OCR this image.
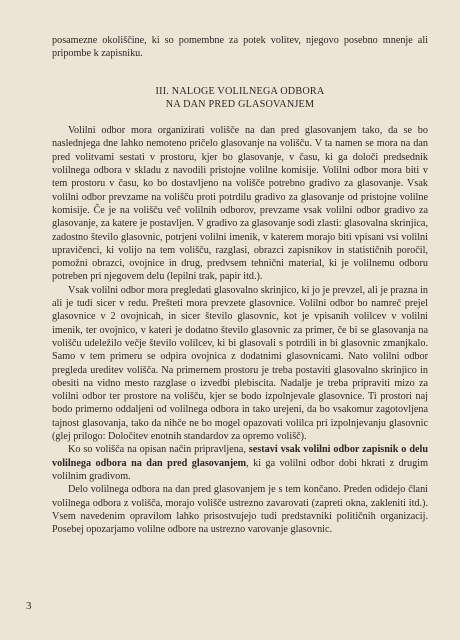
posamezne okoliščine, ki so pomembne za potek volitev, njegovo posebno mnenje ali pripombe k zapisniku.

III. NALOGE VOLILNEGA ODBORA
NA DAN PRED GLASOVANJEM

Volilni odbor mora organizirati volišče na dan pred glasovanjem tako, da se bo naslednjega dne lahko nemoteno pričelo glasovanje na volišču. V ta namen se mora na dan pred volitvami sestati v prostoru, kjer bo glasovanje, v času, ki ga določi predsednik volilnega odbora v skladu z navodili pristojne volilne komisije. Volilni odbor mora biti v tem prostoru v času, ko bo dostavljeno na volišče potrebno gradivo za glasovanje. Vsak volilni odbor prevzame na volišču proti potrdilu gradivo za glasovanje od pristojne volilne komisije. Če je na volišču več volilnih odborov, prevzame vsak volilni odbor gradivo za glasovanje, za katere je postavljen. V gradivo za glasovanje sodi zlasti: glasovalna skrinjica, zadostno število glasovnic, potrjeni volilni imenik, v katerem morajo biti vpisani vsi volilni upravičenci, ki volijo na tem volišču, razglasi, obrazci zapisnikov in statističnih poročil, pomožni obrazci, ovojnice in drug, predvsem tehnični material, ki je volilnemu odboru potreben pri njegovem delu (lepilni trak, papir itd.).

Vsak volilni odbor mora pregledati glasovalno skrinjico, ki jo je prevzel, ali je prazna in ali je tudi sicer v redu. Prešteti mora prevzete glasovnice. Volilni odbor bo namreč prejel glasovnice v 2 ovojnicah, in sicer število glasovnic, kot je vpisanih volilcev v volilni imenik, ter ovojnico, v kateri je dodatno število glasovnic za primer, če bi se glasovanja na volišču udeležilo večje število volilcev, ki bi glasovali s potrdili in bi glasovnic zmanjkalo. Samo v tem primeru se odpira ovojnica z dodatnimi glasovnicami. Nato volilni odbor pregleda ureditev volišča. Na primernem prostoru je treba postaviti glasovalno skrinjico in obesiti na vidno mesto razglase o izvedbi plebiscita. Nadalje je treba pripraviti mizo za volilni odbor ter prostore na volišču, kjer se bodo izpolnjevale glasovnice. Ti prostori naj bodo primerno oddaljeni od volilnega odbora in tako urejeni, da bo vsakomur zagotovljena tajnost glasovanja, tako da nihče ne bo mogel opazovati volilca pri izpolnjevanju glasovnic (glej prilogo: Določitev enotnih standardov za opremo volišč).

Ko so volišča na opisan način pripravljena, sestavi vsak volilni odbor zapisnik o delu volilnega odbora na dan pred glasovanjem, ki ga volilni odbor dobi hkrati z drugim volilnim gradivom.

Delo volilnega odbora na dan pred glasovanjem je s tem končano. Preden odidejo člani volilnega odbora z volišča, morajo volišče ustrezno zavarovati (zapreti okna, zakleniti itd.). Vsem navedenim opravilom lahko prisostvujejo tudi predstavniki političnih organizacij. Posebej opozarjamo volilne odbore na ustrezno varovanje glasovnic.

3
